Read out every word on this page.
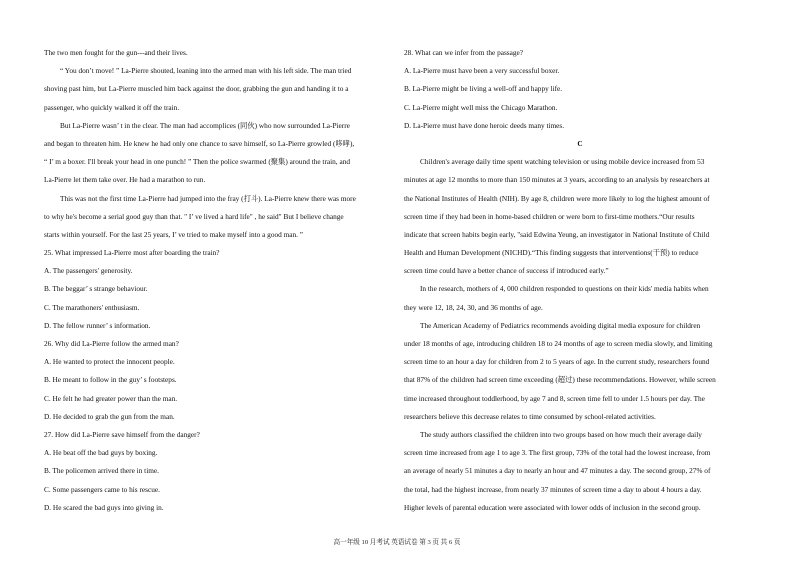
The two men fought for the gun---and their lives.
“ You don’t move! ” La-Pierre shouted, leaning into the armed man with his left side. The man tried
shoving past him, but La-Pierre muscled him back against the door, grabbing the gun and handing it to a
passenger, who quickly walked it off the train.
But La-Pierre wasn’ t in the clear. The man had accomplices (同伙) who now surrounded La-Pierre
and began to threaten him. He knew he had only one chance to save himself, so La-Pierre growled (哆哮),
“ I’ m a boxer. I'll break your head in one punch! ” Then the police swarmed (聚集) around the train, and
La-Pierre let them take over. He had a marathon to run.
This was not the first time La-Pierre had jumped into the fray (打斗). La-Pierre knew there was more
to why he's become a serial good guy than that. " I’ ve lived a hard life" , he said" But I believe change
starts within yourself. For the last 25 years, I’ ve tried to make myself into a good man. ”
25. What impressed La-Pierre most after boarding the train?
A. The passengers' generosity.
B. The beggar’ s strange behaviour.
C. The marathoners' enthusiasm.
D. The fellow runner’ s information.
26. Why did La-Pierre follow the armed man?
A. He wanted to protect the innocent people.
B. He meant to follow in the guy’ s footsteps.
C. He felt he had greater power than the man.
D. He decided to grab the gun from the man.
27. How did La-Pierre save himself from the danger?
A. He beat off the bad guys by boxing.
B. The policemen arrived there in time.
C. Some passengers came to his rescue.
D. He scared the bad guys into giving in.
28. What can we infer from the passage?
A. La-Pierre must have been a very successful boxer.
B. La-Pierre might be living a well-off and happy life.
C. La-Pierre might well miss the Chicago Marathon.
D. La-Pierre must have done heroic deeds many times.
C
Children's average daily time spent watching television or using mobile device increased from 53
minutes at age 12 months to more than 150 minutes at 3 years, according to an analysis by researchers at
the National Institutes of Health (NIH). By age 8, children were more likely to log the highest amount of
screen time if they had been in home-based children or were born to first-time mothers.“Our results
indicate that screen habits begin early, "said Edwina Yeung, an investigator in National Institute of Child
Health and Human Development (NICHD).“This finding suggests that interventions(干预) to reduce
screen time could have a better chance of success if introduced early.”
In the research, mothers of 4, 000 children responded to questions on their kids' media habits when
they were 12, 18, 24, 30, and 36 months of age.
The American Academy of Pediatrics recommends avoiding digital media exposure for children
under 18 months of age, introducing children 18 to 24 months of age to screen media slowly, and limiting
screen time to an hour a day for children from 2 to 5 years of age. In the current study, researchers found
that 87% of the children had screen time exceeding (超过) these recommendations. However, while screen
time increased throughout toddlerhood, by age 7 and 8, screen time fell to under 1.5 hours per day. The
researchers believe this decrease relates to time consumed by school-related activities.
The study authors classified the children into two groups based on how much their average daily
screen time increased from age 1 to age 3. The first group, 73% of the total had the lowest increase, from
an average of nearly 51 minutes a day to nearly an hour and 47 minutes a day. The second group, 27% of
the total, had the highest increase, from nearly 37 minutes of screen time a day to about 4 hours a day.
Higher levels of parental education were associated with lower odds of inclusion in the second group.
高一年级 10 月考试 英语试卷 第 3 页 共 6 页
